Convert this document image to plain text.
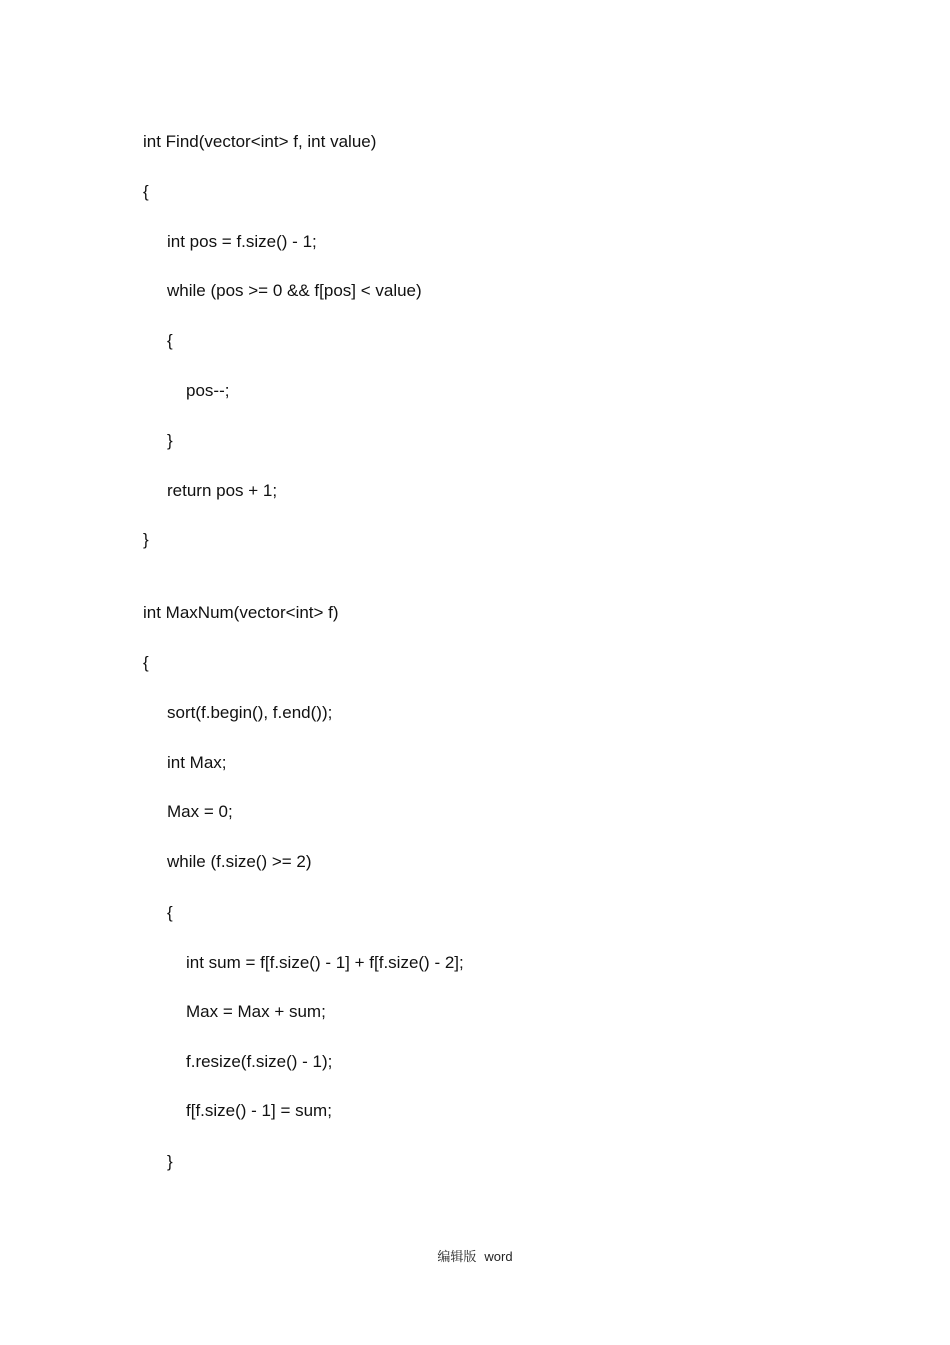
int Find(vector<int> f, int value)

{

int pos = f.size() - 1;

while (pos >= 0 && f[pos] < value)

{

pos--;

}

return pos + 1;

}

int MaxNum(vector<int> f)

{

sort(f.begin(), f.end());

int Max;

Max = 0;

while (f.size() >= 2)

{

int sum = f[f.size() - 1] + f[f.size() - 2];

Max = Max + sum;

f.resize(f.size() - 1);

f[f.size() - 1] = sum;

}

编辑版 word
